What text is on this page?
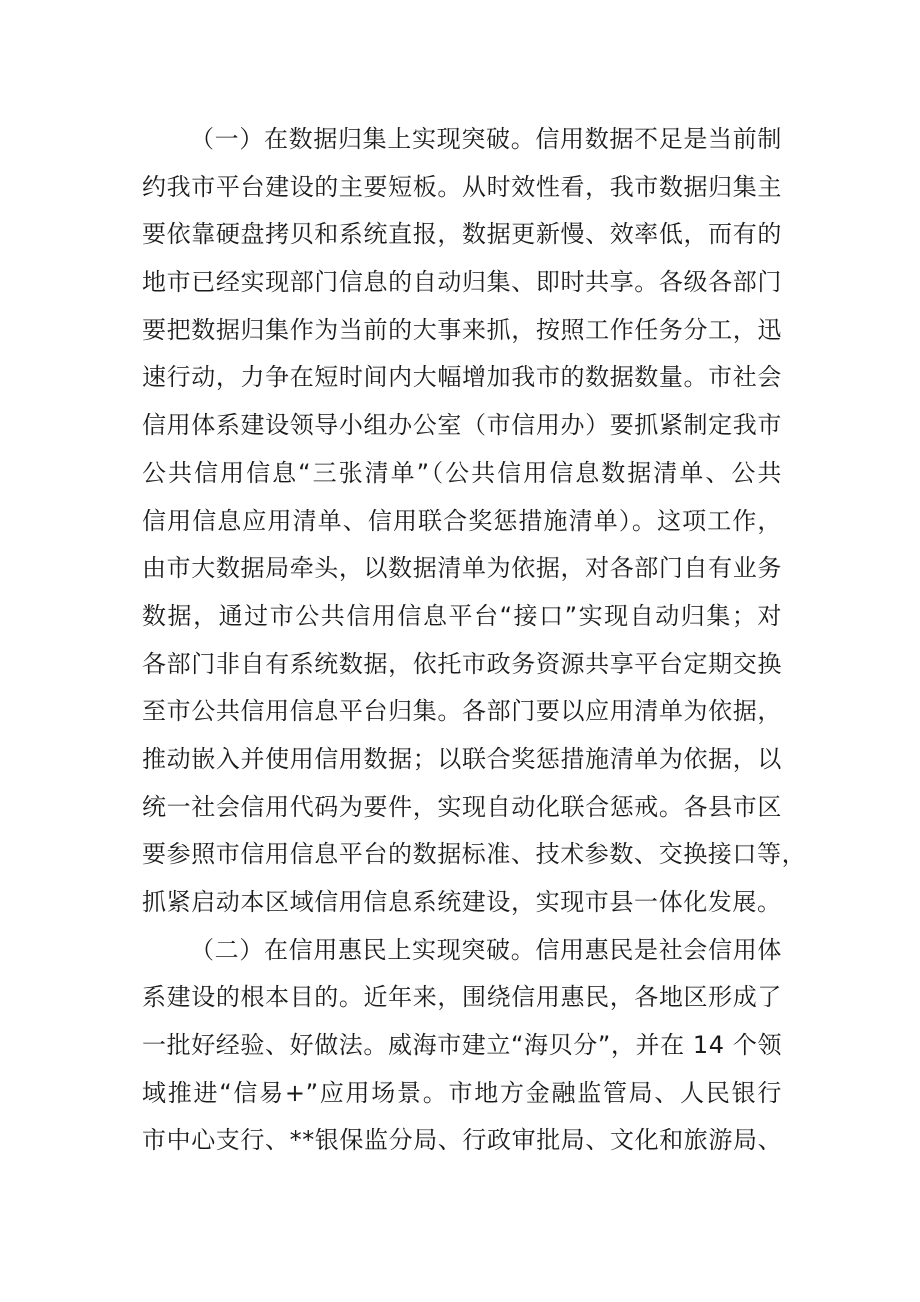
（一）在数据归集上实现突破。信用数据不足是当前制
约我市平台建设的主要短板。从时效性看，我市数据归集主
要依靠硬盘拷贝和系统直报，数据更新慢、效率低，而有的
地市已经实现部门信息的自动归集、即时共享。各级各部门
要把数据归集作为当前的大事来抓，按照工作任务分工，迅
速行动，力争在短时间内大幅增加我市的数据数量。市社会
信用体系建设领导小组办公室（市信用办）要抓紧制定我市
公共信用信息“三张清单”（公共信用信息数据清单、公共
信用信息应用清单、信用联合奖惩措施清单）。这项工作，
由市大数据局牵头，以数据清单为依据，对各部门自有业务
数据，通过市公共信用信息平台“接口”实现自动归集；对
各部门非自有系统数据，依托市政务资源共享平台定期交换
至市公共信用信息平台归集。各部门要以应用清单为依据，
推动嵌入并使用信用数据；以联合奖惩措施清单为依据，以
统一社会信用代码为要件，实现自动化联合惩戒。各县市区
要参照市信用信息平台的数据标准、技术参数、交换接口等，
抓紧启动本区域信用信息系统建设，实现市县一体化发展。
（二）在信用惠民上实现突破。信用惠民是社会信用体
系建设的根本目的。近年来，围绕信用惠民，各地区形成了
一批好经验、好做法。威海市建立“海贝分”，并在 14 个领
域推进“信易+”应用场景。市地方金融监管局、人民银行
市中心支行、**银保监分局、行政审批局、文化和旅游局、
